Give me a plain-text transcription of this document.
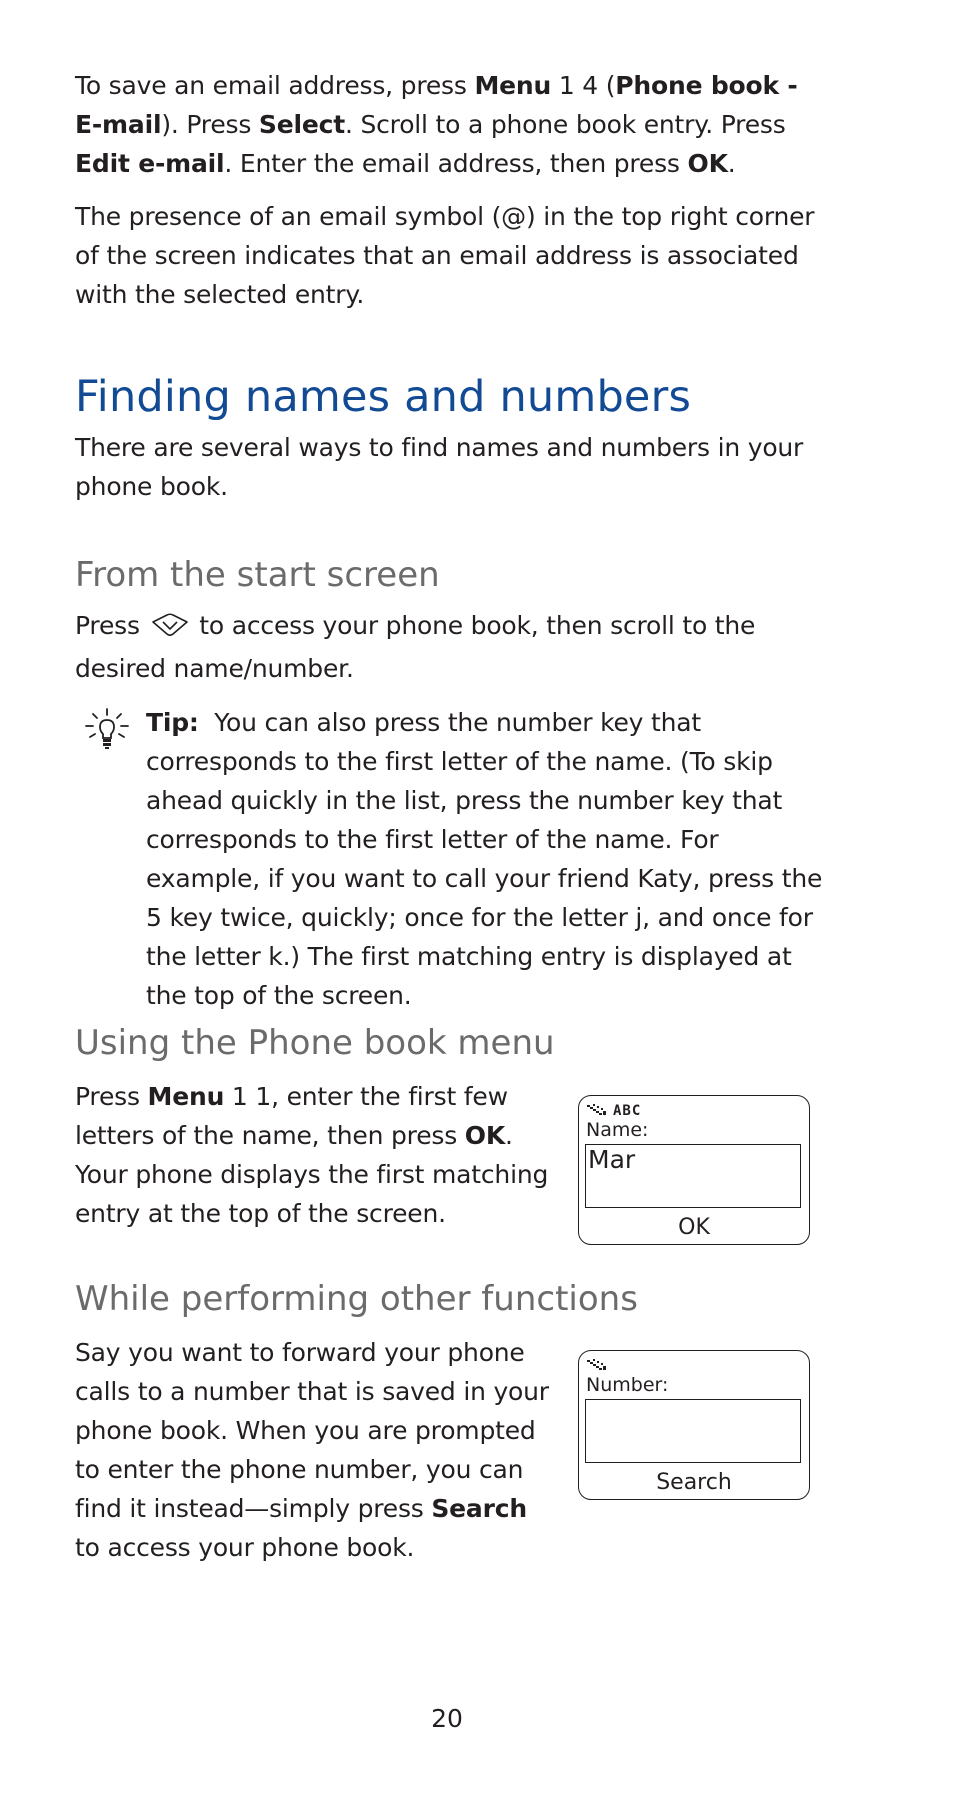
To save an email address, press Menu 1 4 (Phone book - E-mail). Press Select. Scroll to a phone book entry. Press Edit e-mail. Enter the email address, then press OK.

The presence of an email symbol (@) in the top right corner of the screen indicates that an email address is associated with the selected entry.

Finding names and numbers

There are several ways to find names and numbers in your phone book.

From the start screen

Press  to access your phone book, then scroll to the desired name/number.

Tip: You can also press the number key that corresponds to the first letter of the name. (To skip ahead quickly in the list, press the number key that corresponds to the first letter of the name. For example, if you want to call your friend Katy, press the 5 key twice, quickly; once for the letter j, and once for the letter k.) The first matching entry is displayed at the top of the screen.

Using the Phone book menu

Press Menu 1 1, enter the first few letters of the name, then press OK. Your phone displays the first matching entry at the top of the screen.

ABC
Name:
Mar
OK
While performing other functions

Say you want to forward your phone calls to a number that is saved in your phone book. When you are prompted to enter the phone number, you can find it instead—simply press Search to access your phone book.

Number:
Search
20
